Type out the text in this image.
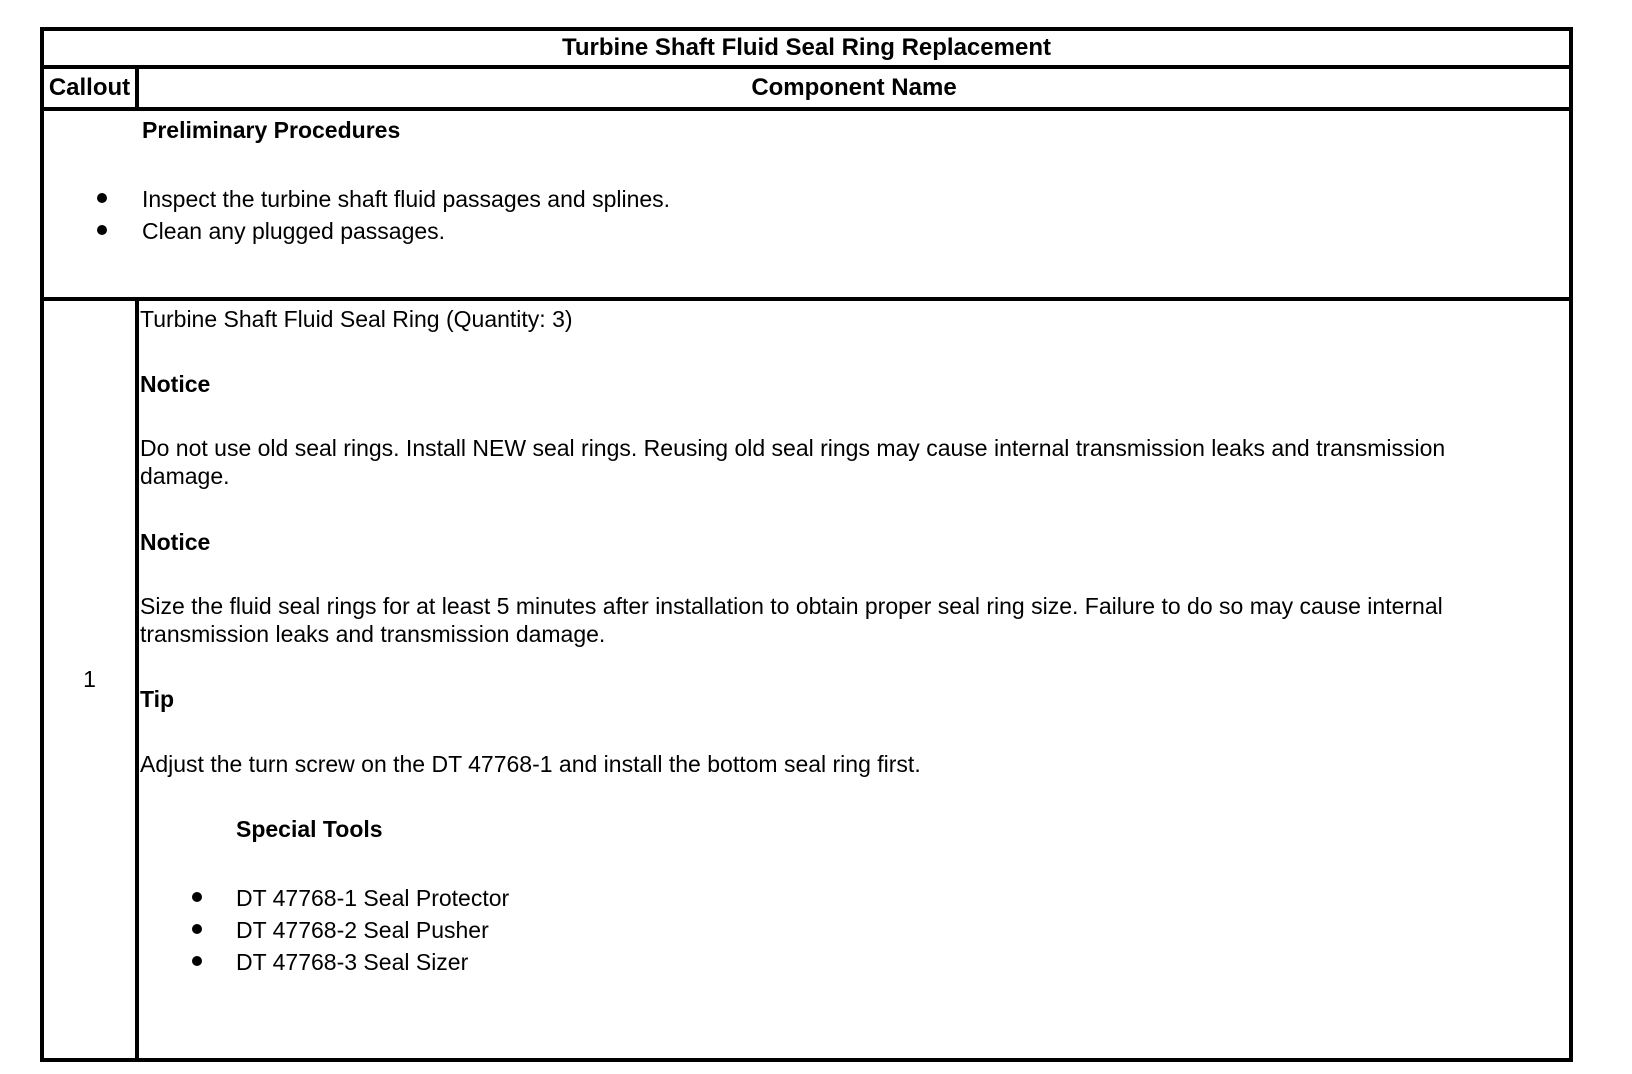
Turbine Shaft Fluid Seal Ring Replacement
Callout	Component Name
Preliminary Procedures
Inspect the turbine shaft fluid passages and splines.
Clean any plugged passages.
1
Turbine Shaft Fluid Seal Ring (Quantity: 3)
Notice
Do not use old seal rings. Install NEW seal rings. Reusing old seal rings may cause internal transmission leaks and transmission damage.
Notice
Size the fluid seal rings for at least 5 minutes after installation to obtain proper seal ring size. Failure to do so may cause internal transmission leaks and transmission damage.
Tip
Adjust the turn screw on the DT 47768-1 and install the bottom seal ring first.
Special Tools
DT 47768-1 Seal Protector
DT 47768-2 Seal Pusher
DT 47768-3 Seal Sizer
